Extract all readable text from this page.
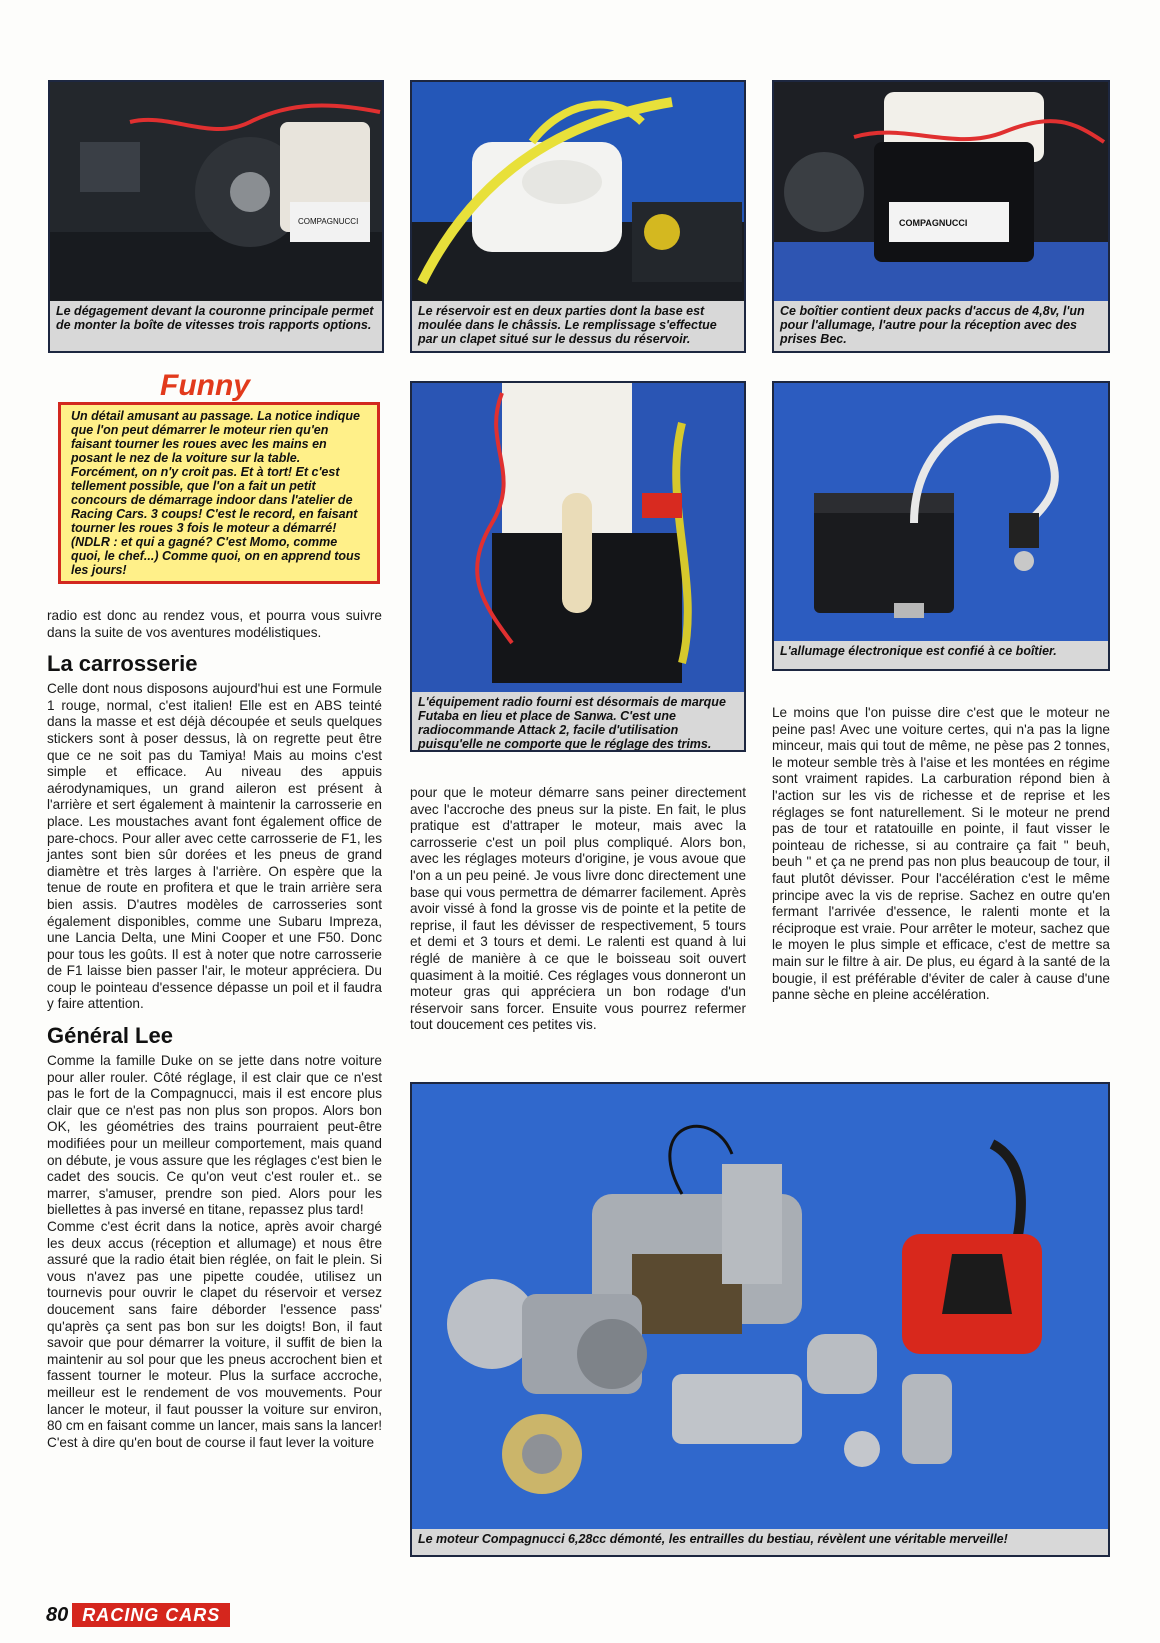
COMPAGNUCCI
Le dégagement devant la couronne principale permet de monter la boîte de vitesses trois rapports options.
Le réservoir est en deux parties dont la base est moulée dans le châssis. Le remplissage s'effectue par un clapet situé sur le dessus du réservoir.
COMPAGNUCCI
Ce boîtier contient deux packs d'accus de 4,8v, l'un pour l'allumage, l'autre pour la réception avec des prises Bec.
Funny
Un détail amusant au passage. La notice indique que l'on peut démarrer le moteur rien qu'en faisant tourner les roues avec les mains en posant le nez de la voiture sur la table. Forcément, on n'y croit pas. Et à tort! Et c'est tellement possible, que l'on a fait un petit concours de démarrage indoor dans l'atelier de Racing Cars. 3 coups! C'est le record, en faisant tourner les roues 3 fois le moteur a démarré! (NDLR : et qui a gagné? C'est Momo, comme quoi, le chef...) Comme quoi, on en apprend tous les jours!
L'équipement radio fourni est désormais de marque Futaba en lieu et place de Sanwa. C'est une radiocommande Attack 2, facile d'utilisation puisqu'elle ne comporte que le réglage des trims.
L'allumage électronique est confié à ce boîtier.

radio est donc au rendez vous, et pourra vous suivre dans la suite de vos aventures modélistiques.

La carrosserie

Celle dont nous disposons aujourd'hui est une Formule 1 rouge, normal, c'est italien! Elle est en ABS teinté dans la masse et est déjà découpée et seuls quelques stickers sont à poser dessus, là on regrette peut être que ce ne soit pas du Tamiya! Mais au moins c'est simple et efficace. Au niveau des appuis aérodynamiques, un grand aileron est présent à l'arrière et sert également à maintenir la carrosserie en place. Les moustaches avant font également office de pare-chocs. Pour aller avec cette carrosserie de F1, les jantes sont bien sûr dorées et les pneus de grand diamètre et très larges à l'arrière. On espère que la tenue de route en profitera et que le train arrière sera bien assis. D'autres modèles de carrosseries sont également disponibles, comme une Subaru Impreza, une Lancia Delta, une Mini Cooper et une F50. Donc pour tous les goûts. Il est à noter que notre carrosserie de F1 laisse bien passer l'air, le moteur appréciera. Du coup le pointeau d'essence dépasse un poil et il faudra y faire attention.

Général Lee

Comme la famille Duke on se jette dans notre voiture pour aller rouler. Côté réglage, il est clair que ce n'est pas le fort de la Compagnucci, mais il est encore plus clair que ce n'est pas non plus son propos. Alors bon OK, les géométries des trains pourraient peut-être modifiées pour un meilleur comportement, mais quand on débute, je vous assure que les réglages c'est bien le cadet des soucis. Ce qu'on veut c'est rouler et.. se marrer, s'amuser, prendre son pied. Alors pour les biellettes à pas inversé en titane, repassez plus tard!

Comme c'est écrit dans la notice, après avoir chargé les deux accus (réception et allumage) et nous être assuré que la radio était bien réglée, on fait le plein. Si vous n'avez pas une pipette coudée, utilisez un tournevis pour ouvrir le clapet du réservoir et versez doucement sans faire déborder l'essence pass' qu'après ça sent pas bon sur les doigts! Bon, il faut savoir que pour démarrer la voiture, il suffit de bien la maintenir au sol pour que les pneus accrochent bien et fassent tourner le moteur. Plus la surface accroche, meilleur est le rendement de vos mouvements. Pour lancer le moteur, il faut pousser la voiture sur environ, 80 cm en faisant comme un lancer, mais sans la lancer! C'est à dire qu'en bout de course il faut lever la voiture

pour que le moteur démarre sans peiner directement avec l'accroche des pneus sur la piste. En fait, le plus pratique est d'attraper le moteur, mais avec la carrosserie c'est un poil plus compliqué. Alors bon, avec les réglages moteurs d'origine, je vous avoue que l'on a un peu peiné. Je vous livre donc directement une base qui vous permettra de démarrer facilement. Après avoir vissé à fond la grosse vis de pointe et la petite de reprise, il faut les dévisser de respectivement, 5 tours et demi et 3 tours et demi. Le ralenti est quand à lui réglé de manière à ce que le boisseau soit ouvert quasiment à la moitié. Ces réglages vous donneront un moteur gras qui appréciera un bon rodage d'un réservoir sans forcer. Ensuite vous pourrez refermer tout doucement ces petites vis.

Le moins que l'on puisse dire c'est que le moteur ne peine pas! Avec une voiture certes, qui n'a pas la ligne minceur, mais qui tout de même, ne pèse pas 2 tonnes, le moteur semble très à l'aise et les montées en régime sont vraiment rapides. La carburation répond bien à l'action sur les vis de richesse et de reprise et les réglages se font naturellement. Si le moteur ne prend pas de tour et ratatouille en pointe, il faut visser le pointeau de richesse, si au contraire ça fait " beuh, beuh " et ça ne prend pas non plus beaucoup de tour, il faut plutôt dévisser. Pour l'accélération c'est le même principe avec la vis de reprise. Sachez en outre qu'en fermant l'arrivée d'essence, le ralenti monte et la réciproque est vraie. Pour arrêter le moteur, sachez que le moyen le plus simple et efficace, c'est de mettre sa main sur le filtre à air. De plus, eu égard à la santé de la bougie, il est préférable d'éviter de caler à cause d'une panne sèche en pleine accélération.

Le moteur Compagnucci 6,28cc démonté, les entrailles du bestiau, révèlent une véritable merveille!
80 RACING CARS
